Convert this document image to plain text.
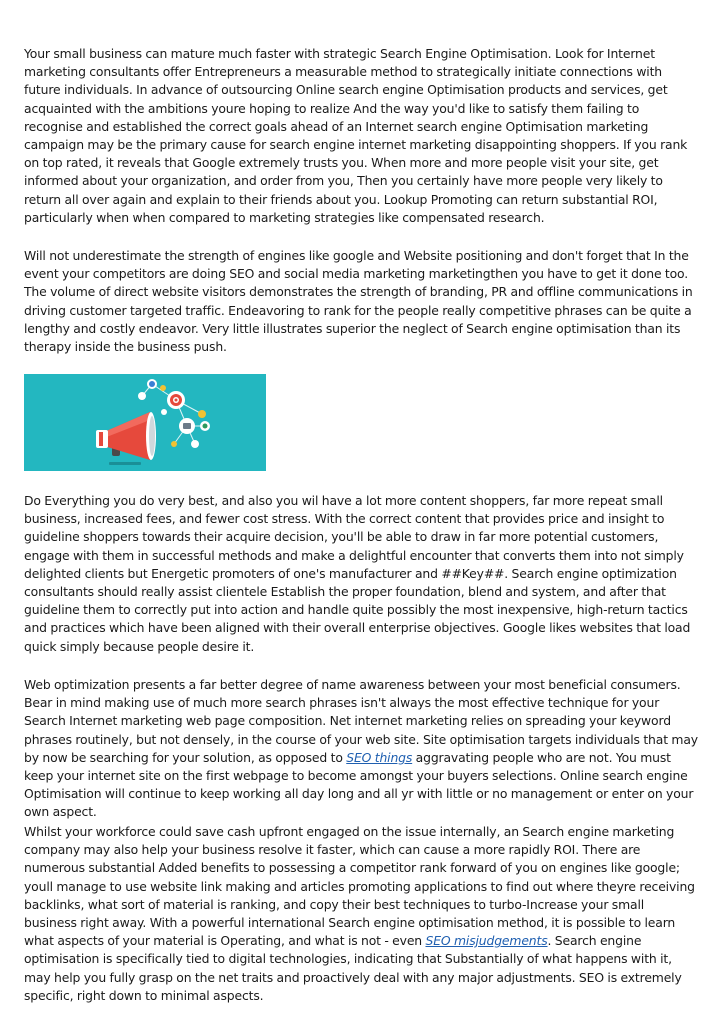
Your small business can mature much faster with strategic Search Engine Optimisation. Look for Internet marketing consultants offer Entrepreneurs a measurable method to strategically initiate connections with future individuals. In advance of outsourcing Online search engine Optimisation products and services, get acquainted with the ambitions youre hoping to realize And the way you'd like to satisfy them failing to recognise and established the correct goals ahead of an Internet search engine Optimisation marketing campaign may be the primary cause for search engine internet marketing disappointing shoppers. If you rank on top rated, it reveals that Google extremely trusts you. When more and more people visit your site, get informed about your organization, and order from you, Then you certainly have more people very likely to return all over again and explain to their friends about you. Lookup Promoting can return substantial ROI, particularly when when compared to marketing strategies like compensated research.

Will not underestimate the strength of engines like google and Website positioning and don't forget that In the event your competitors are doing SEO and social media marketing marketingthen you have to get it done too. The volume of direct website visitors demonstrates the strength of branding, PR and offline communications in driving customer targeted traffic. Endeavoring to rank for the people really competitive phrases can be quite a lengthy and costly endeavor. Very little illustrates superior the neglect of Search engine optimisation than its therapy inside the business push.

Do Everything you do very best, and also you wil have a lot more content shoppers, far more repeat small business, increased fees, and fewer cost stress. With the correct content that provides price and insight to guideline shoppers towards their acquire decision, you'll be able to draw in far more potential customers, engage with them in successful methods and make a delightful encounter that converts them into not simply delighted clients but Energetic promoters of one's manufacturer and ##Key##. Search engine optimization consultants should really assist clientele Establish the proper foundation, blend and system, and after that guideline them to correctly put into action and handle quite possibly the most inexpensive, high-return tactics and practices which have been aligned with their overall enterprise objectives. Google likes websites that load quick simply because people desire it.

Web optimization presents a far better degree of name awareness between your most beneficial consumers. Bear in mind making use of much more search phrases isn't always the most effective technique for your Search Internet marketing web page composition. Net internet marketing relies on spreading your keyword phrases routinely, but not densely, in the course of your web site. Site optimisation targets individuals that may by now be searching for your solution, as opposed to SEO things aggravating people who are not. You must keep your internet site on the first webpage to become amongst your buyers selections. Online search engine Optimisation will continue to keep working all day long and all yr with little or no management or enter on your own aspect.

Whilst your workforce could save cash upfront engaged on the issue internally, an Search engine marketing company may also help your business resolve it faster, which can cause a more rapidly ROI. There are numerous substantial Added benefits to possessing a competitor rank forward of you on engines like google; youll manage to use website link making and articles promoting applications to find out where theyre receiving backlinks, what sort of material is ranking, and copy their best techniques to turbo-Increase your small business right away. With a powerful international Search engine optimisation method, it is possible to learn what aspects of your material is Operating, and what is not - even SEO misjudgements. Search engine optimisation is specifically tied to digital technologies, indicating that Substantially of what happens with it, may help you fully grasp on the net traits and proactively deal with any major adjustments. SEO is extremely specific, right down to minimal aspects.
